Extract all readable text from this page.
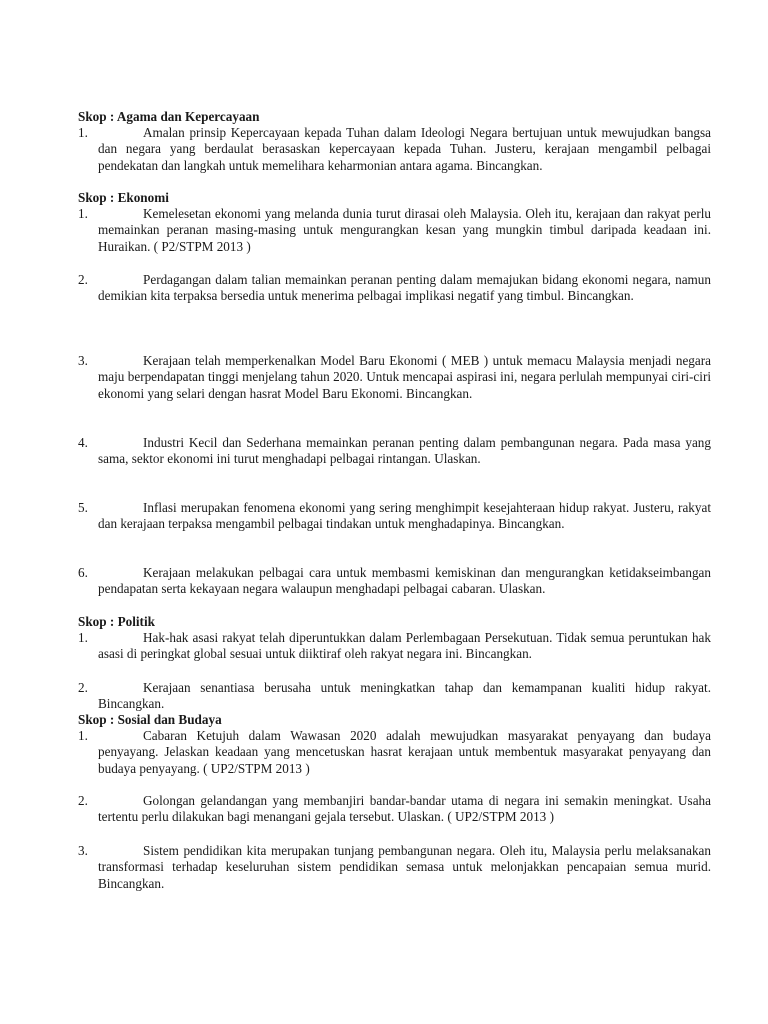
Skop : Agama dan Kepercayaan
1.	Amalan prinsip Kepercayaan kepada Tuhan dalam Ideologi Negara bertujuan untuk mewujudkan bangsa dan negara yang berdaulat berasaskan kepercayaan kepada Tuhan. Justeru, kerajaan mengambil pelbagai pendekatan dan langkah untuk memelihara keharmonian antara agama. Bincangkan.
Skop : Ekonomi
1.	Kemelesetan ekonomi yang melanda dunia turut dirasai oleh Malaysia. Oleh itu, kerajaan dan rakyat perlu memainkan peranan masing-masing untuk mengurangkan kesan yang mungkin timbul daripada keadaan ini. Huraikan. ( P2/STPM 2013 )
2.	Perdagangan dalam talian memainkan peranan penting dalam memajukan bidang ekonomi negara, namun demikian kita terpaksa bersedia untuk menerima pelbagai implikasi negatif yang timbul. Bincangkan.
3.	Kerajaan telah memperkenalkan Model Baru Ekonomi ( MEB ) untuk memacu Malaysia menjadi negara maju berpendapatan tinggi menjelang tahun 2020. Untuk mencapai aspirasi ini, negara perlulah mempunyai ciri-ciri ekonomi yang selari dengan hasrat Model Baru Ekonomi. Bincangkan.
4.	Industri Kecil dan Sederhana memainkan peranan penting dalam pembangunan negara. Pada masa yang sama, sektor ekonomi ini turut menghadapi pelbagai rintangan. Ulaskan.
5.	Inflasi merupakan fenomena ekonomi yang sering menghimpit kesejahteraan hidup rakyat. Justeru, rakyat dan kerajaan terpaksa mengambil pelbagai tindakan untuk menghadapinya. Bincangkan.
6.	Kerajaan melakukan pelbagai cara untuk membasmi kemiskinan dan mengurangkan ketidakseimbangan pendapatan serta kekayaan negara walaupun menghadapi pelbagai cabaran. Ulaskan.
Skop : Politik
1.	Hak-hak asasi rakyat telah diperuntukkan dalam Perlembagaan Persekutuan. Tidak semua peruntukan hak asasi di peringkat global sesuai untuk diiktiraf oleh rakyat negara ini. Bincangkan.
2.	Kerajaan senantiasa berusaha untuk meningkatkan tahap dan kemampanan kualiti hidup rakyat. Bincangkan.
Skop : Sosial dan Budaya
1.	Cabaran Ketujuh dalam Wawasan 2020 adalah mewujudkan masyarakat penyayang dan budaya penyayang. Jelaskan keadaan yang mencetuskan hasrat kerajaan untuk membentuk masyarakat penyayang dan budaya penyayang. ( UP2/STPM 2013 )
2.	Golongan gelandangan yang membanjiri bandar-bandar utama di negara ini semakin meningkat. Usaha tertentu perlu dilakukan bagi menangani gejala tersebut. Ulaskan. ( UP2/STPM 2013 )
3.	Sistem pendidikan kita merupakan tunjang pembangunan negara. Oleh itu, Malaysia perlu melaksanakan transformasi terhadap keseluruhan sistem pendidikan semasa untuk melonjakkan pencapaian semua murid. Bincangkan.
